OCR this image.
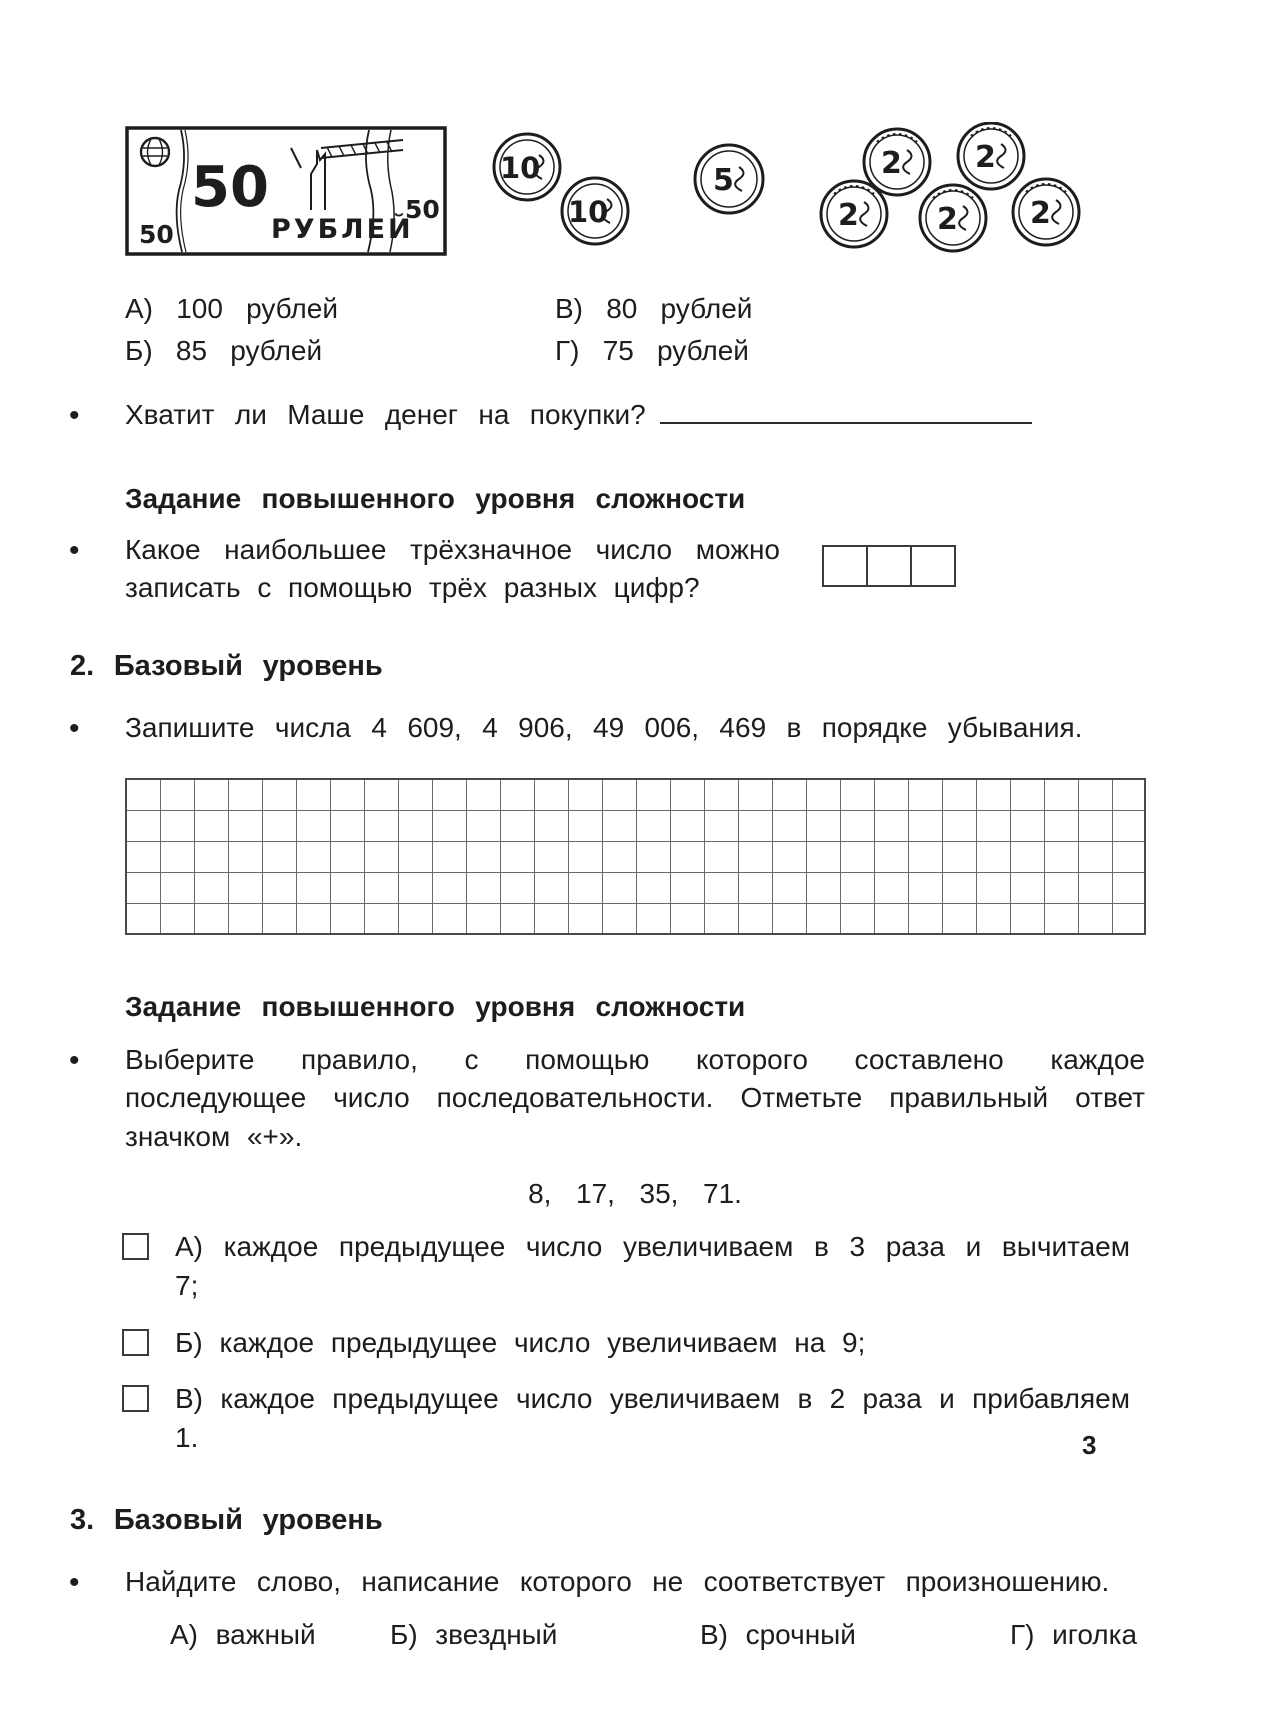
50
РУБЛЕЙ
50
50
10
10
5	2 2
2	2 2
А) 100 рублей	В) 80 рублей
Б) 85 рублей	Г) 75 рублей
• Хватит ли Маше денег на покупки?

Задание повышенного уровня сложности

• Какое наибольшее трёхзначное число можно записать с помощью трёх разных цифр?

2. Базовый уровень

• Запишите числа 4 609, 4 906, 49 006, 469 в порядке убывания.

Задание повышенного уровня сложности

• Выберите правило, с помощью которого составлено каждое последующее число последовательности. Отметьте правильный ответ значком «+».

8, 17, 35, 71.

А) каждое предыдущее число увеличиваем в 3 раза и вычитаем 7;

Б) каждое предыдущее число увеличиваем на 9;

В) каждое предыдущее число увеличиваем в 2 раза и прибавляем 1.

3. Базовый уровень

• Найдите слово, написание которого не соответствует произношению.
А) важный	Б) звездный	В) срочный	Г) иголка
3
